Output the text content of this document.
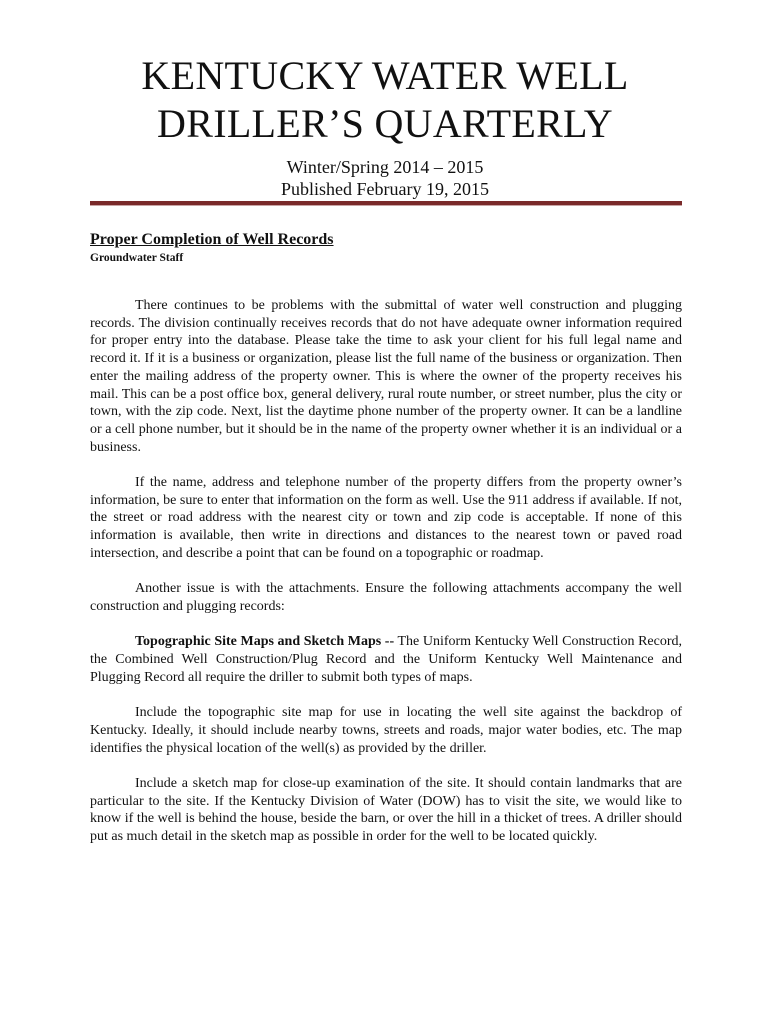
KENTUCKY WATER WELL
DRILLER’S QUARTERLY
Winter/Spring 2014 – 2015
Published February 19, 2015
Proper Completion of Well Records

Groundwater Staff

There continues to be problems with the submittal of water well construction and plugging records. The division continually receives records that do not have adequate owner information required for proper entry into the database. Please take the time to ask your client for his full legal name and record it. If it is a business or organization, please list the full name of the business or organization. Then enter the mailing address of the property owner. This is where the owner of the property receives his mail. This can be a post office box, general delivery, rural route number, or street number, plus the city or town, with the zip code. Next, list the daytime phone number of the property owner. It can be a landline or a cell phone number, but it should be in the name of the property owner whether it is an individual or a business.

If the name, address and telephone number of the property differs from the property owner’s information, be sure to enter that information on the form as well. Use the 911 address if available. If not, the street or road address with the nearest city or town and zip code is acceptable. If none of this information is available, then write in directions and distances to the nearest town or paved road intersection, and describe a point that can be found on a topographic or roadmap.

Another issue is with the attachments. Ensure the following attachments accompany the well construction and plugging records:

Topographic Site Maps and Sketch Maps -- The Uniform Kentucky Well Construction Record, the Combined Well Construction/Plug Record and the Uniform Kentucky Well Maintenance and Plugging Record all require the driller to submit both types of maps.

Include the topographic site map for use in locating the well site against the backdrop of Kentucky. Ideally, it should include nearby towns, streets and roads, major water bodies, etc. The map identifies the physical location of the well(s) as provided by the driller.

Include a sketch map for close-up examination of the site. It should contain landmarks that are particular to the site. If the Kentucky Division of Water (DOW) has to visit the site, we would like to know if the well is behind the house, beside the barn, or over the hill in a thicket of trees. A driller should put as much detail in the sketch map as possible in order for the well to be located quickly.
